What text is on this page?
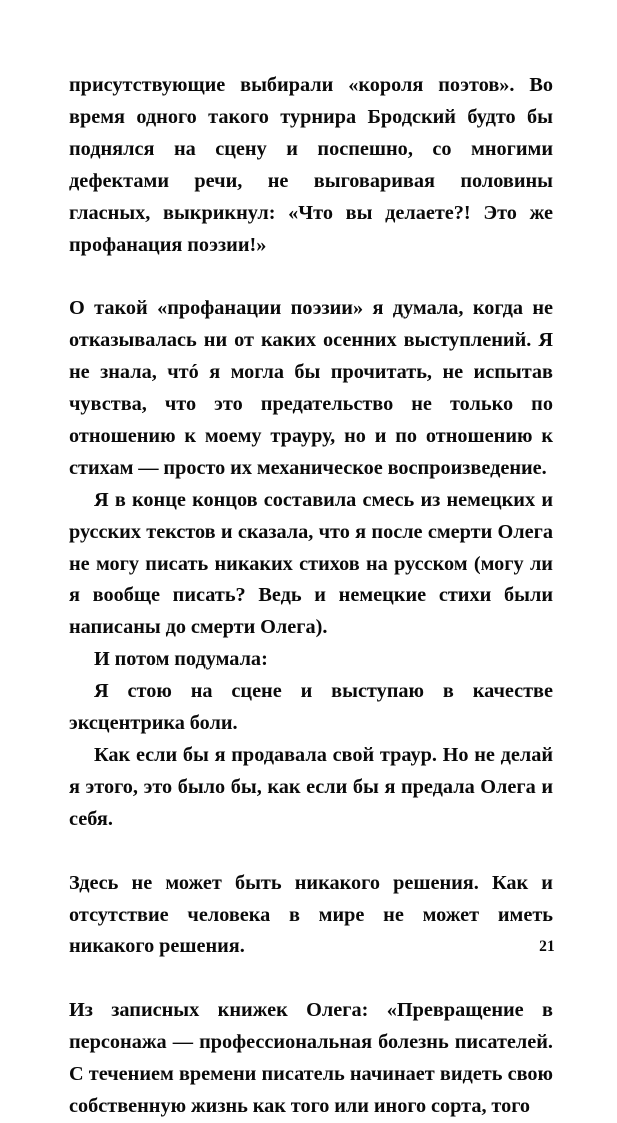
присутствующие выбирали «короля поэтов». Во время одного такого турнира Бродский будто бы поднялся на сцену и поспешно, со многими дефектами речи, не выговаривая половины гласных, выкрикнул: «Что вы делаете?! Это же профанация поэзии!»

О такой «профанации поэзии» я думала, когда не отказывалась ни от каких осенних выступлений. Я не знала, чтó я могла бы прочитать, не испытав чувства, что это предательство не только по отношению к моему трауру, но и по отношению к стихам — просто их механическое воспроизведение.

Я в конце концов составила смесь из немецких и русских текстов и сказала, что я после смерти Олега не могу писать никаких стихов на русском (могу ли я вообще писать? Ведь и немецкие стихи были написаны до смерти Олега).

И потом подумала:

Я стою на сцене и выступаю в качестве эксцентрика боли.

Как если бы я продавала свой траур. Но не делай я этого, это было бы, как если бы я предала Олега и себя.

Здесь не может быть никакого решения. Как и отсутствие человека в мире не может иметь никакого решения.

Из записных книжек Олега: «Превращение в персонажа — профессиональная болезнь писателей. С течением времени писатель начинает видеть свою собственную жизнь как того или иного сорта, того

21
